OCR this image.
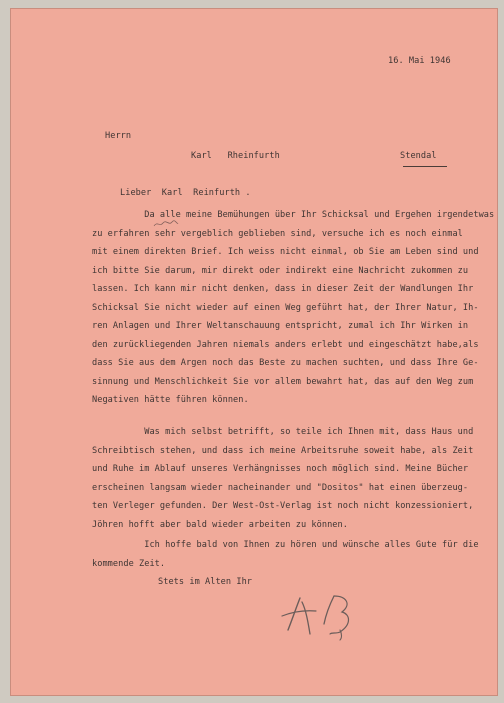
16. Mai 1946
Herrn
Karl   Rheinfurth	Stendal
Lieber  Karl  Reinfurth .
Da alle meine Bemühungen über Ihr Schicksal und Ergehen irgendetwas
zu erfahren sehr vergeblich geblieben sind, versuche ich es noch einmal
mit einem direkten Brief. Ich weiss nicht einmal, ob Sie am Leben sind und
ich bitte Sie darum, mir direkt oder indirekt eine Nachricht zukommen zu
lassen. Ich kann mir nicht denken, dass in dieser Zeit der Wandlungen Ihr
Schicksal Sie nicht wieder auf einen Weg geführt hat, der Ihrer Natur, Ih-
ren Anlagen und Ihrer Weltanschauung entspricht, zumal ich Ihr Wirken in
den zurückliegenden Jahren niemals anders erlebt und eingeschätzt habe,als
dass Sie aus dem Argen noch das Beste zu machen suchten, und dass Ihre Ge-
sinnung und Menschlichkeit Sie vor allem bewahrt hat, das auf den Weg zum
Negativen hätte führen können.
Was mich selbst betrifft, so teile ich Ihnen mit, dass Haus und
Schreibtisch stehen, und dass ich meine Arbeitsruhe soweit habe, als Zeit
und Ruhe im Ablauf unseres Verhängnisses noch möglich sind. Meine Bücher
erscheinen langsam wieder nacheinander und "Dositos" hat einen überzeug-
ten Verleger gefunden. Der West-Ost-Verlag ist noch nicht konzessioniert,
Jöhren hofft aber bald wieder arbeiten zu können.
Ich hoffe bald von Ihnen zu hören und wünsche alles Gute für die
kommende Zeit.
Stets im Alten Ihr
